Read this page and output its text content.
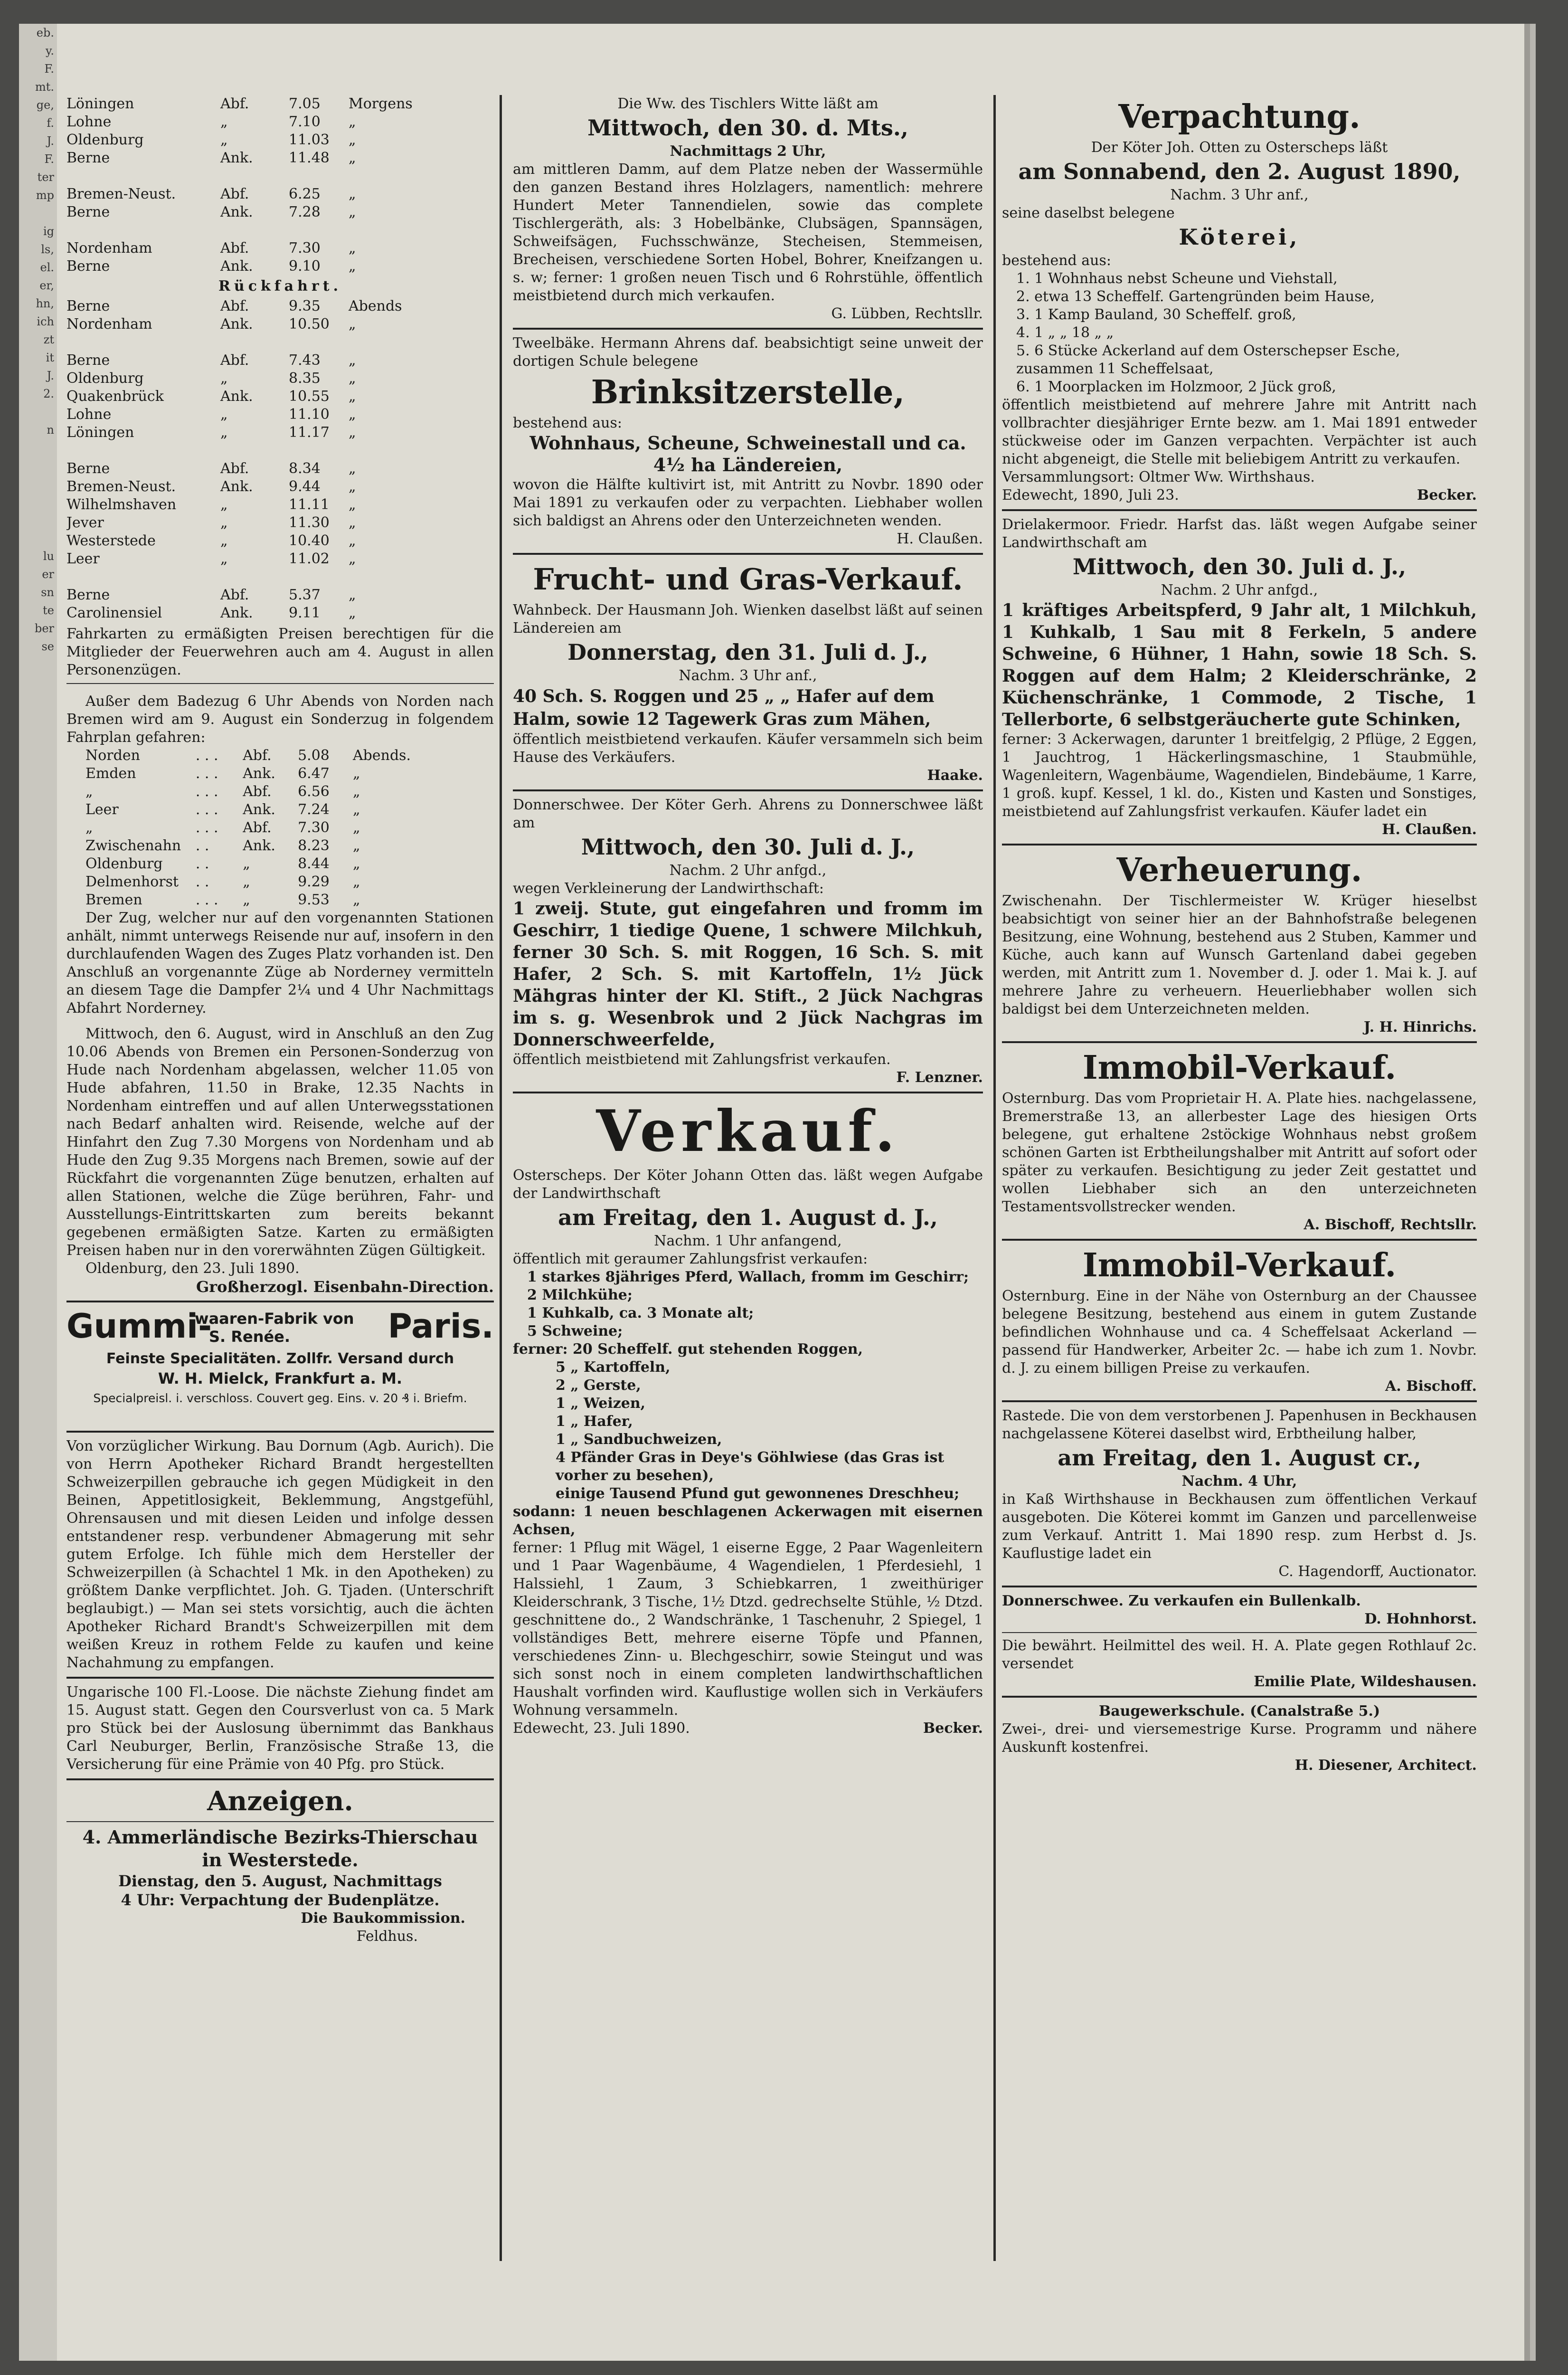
eb.
y.
F.
mt.
ge,
f.
J.
F.
ter
mp

ig
ls,
el.
er,
hn,
ich
zt
it
J.
2.

n

lu
er
sn
te
ber
se
Löningen	Abf.	7.05	Morgens
Lohne	„	7.10	„
Oldenburg	„	11.03	„
Berne	Ank.	11.48	„

Bremen-Neust.	Abf.	6.25	„
Berne	Ank.	7.28	„

Nordenham	Abf.	7.30	„
Berne	Ank.	9.10	„

Rückfahrt.

Berne	Abf.	9.35	Abends
Nordenham	Ank.	10.50	„

Berne	Abf.	7.43	„
Oldenburg	„	8.35	„
Quakenbrück	Ank.	10.55	„
Lohne	„	11.10	„
Löningen	„	11.17	„

Berne	Abf.	8.34	„
Bremen-Neust.	Ank.	9.44	„
Wilhelmshaven	„	11.11	„
Jever	„	11.30	„
Westerstede	„	10.40	„
Leer	„	11.02	„

Berne	Abf.	5.37	„
Carolinensiel	Ank.	9.11	„

Fahrkarten zu ermäßigten Preisen berechtigen für die Mitglieder der Feuerwehren auch am 4. August in allen Personenzügen.

Außer dem Badezug 6 Uhr Abends von Norden nach Bremen wird am 9. August ein Sonderzug in folgendem Fahrplan gefahren:

Norden	. . .	Abf.	5.08	Abends.
Emden	. . .	Ank.	6.47	„
„	. . .	Abf.	6.56	„
Leer	. . .	Ank.	7.24	„
„	. . .	Abf.	7.30	„
Zwischenahn	. .	Ank.	8.23	„
Oldenburg	. .	„	8.44	„
Delmenhorst	. .	„	9.29	„
Bremen	. . .	„	9.53	„

Der Zug, welcher nur auf den vorgenannten Stationen anhält, nimmt unterwegs Reisende nur auf, insofern in den durchlaufenden Wagen des Zuges Platz vorhanden ist. Den Anschluß an vorgenannte Züge ab Norderney vermitteln an diesem Tage die Dampfer 2¼ und 4 Uhr Nachmittags Abfahrt Norderney.

Mittwoch, den 6. August, wird in Anschluß an den Zug 10.06 Abends von Bremen ein Personen-Sonderzug von Hude nach Nordenham abgelassen, welcher 11.05 von Hude abfahren, 11.50 in Brake, 12.35 Nachts in Nordenham eintreffen und auf allen Unterwegsstationen nach Bedarf anhalten wird. Reisende, welche auf der Hinfahrt den Zug 7.30 Morgens von Nordenham und ab Hude den Zug 9.35 Morgens nach Bremen, sowie auf der Rückfahrt die vorgenannten Züge benutzen, erhalten auf allen Stationen, welche die Züge berühren, Fahr- und Ausstellungs-Eintrittskarten zum bereits bekannt gegebenen ermäßigten Satze. Karten zu ermäßigten Preisen haben nur in den vorerwähnten Zügen Gültigkeit.

Oldenburg, den 23. Juli 1890.

Großherzogl. Eisenbahn-Direction.

Gummi-
waaren-Fabrik von
S. Renée.	Paris.
Feinste Specialitäten. Zollfr. Versand durch
W. H. Mielck, Frankfurt a. M.
Specialpreisl. i. verschloss. Couvert geg. Eins. v. 20 ₰ i. Briefm.

Von vorzüglicher Wirkung. Bau Dornum (Agb. Aurich). Die von Herrn Apotheker Richard Brandt hergestellten Schweizerpillen gebrauche ich gegen Müdigkeit in den Beinen, Appetitlosigkeit, Beklemmung, Angstgefühl, Ohrensausen und mit diesen Leiden und infolge dessen entstandener resp. verbundener Abmagerung mit sehr gutem Erfolge. Ich fühle mich dem Hersteller der Schweizerpillen (à Schachtel 1 Mk. in den Apotheken) zu größtem Danke verpflichtet. Joh. G. Tjaden. (Unterschrift beglaubigt.) — Man sei stets vorsichtig, auch die ächten Apotheker Richard Brandt's Schweizerpillen mit dem weißen Kreuz in rothem Felde zu kaufen und keine Nachahmung zu empfangen.

Ungarische 100 Fl.-Loose. Die nächste Ziehung findet am 15. August statt. Gegen den Coursverlust von ca. 5 Mark pro Stück bei der Auslosung übernimmt das Bankhaus Carl Neuburger, Berlin, Französische Straße 13, die Versicherung für eine Prämie von 40 Pfg. pro Stück.

Anzeigen.

4. Ammerländische Bezirks-Thierschau

in Westerstede.

Dienstag, den 5. August, Nachmittags

4 Uhr: Verpachtung der Budenplätze.

Die Baukommission.

Feldhus.

Die Ww. des Tischlers Witte läßt am

Mittwoch, den 30. d. Mts.,

Nachmittags 2 Uhr,

am mittleren Damm, auf dem Platze neben der Wassermühle den ganzen Bestand ihres Holzlagers, namentlich: mehrere Hundert Meter Tannendielen, sowie das complete Tischlergeräth, als: 3 Hobelbänke, Clubsägen, Spannsägen, Schweifsägen, Fuchsschwänze, Stecheisen, Stemmeisen, Brecheisen, verschiedene Sorten Hobel, Bohrer, Kneifzangen u. s. w; ferner: 1 großen neuen Tisch und 6 Rohrstühle, öffentlich meistbietend durch mich verkaufen.

G. Lübben, Rechtsllr.

Tweelbäke. Hermann Ahrens daf. beabsichtigt seine unweit der dortigen Schule belegene

Brinksitzerstelle,

bestehend aus:

Wohnhaus, Scheune, Schweinestall und ca. 4½ ha Ländereien,

wovon die Hälfte kultivirt ist, mit Antritt zu Novbr. 1890 oder Mai 1891 zu verkaufen oder zu verpachten. Liebhaber wollen sich baldigst an Ahrens oder den Unterzeichneten wenden.

H. Claußen.

Frucht- und Gras-Verkauf.

Wahnbeck. Der Hausmann Joh. Wienken daselbst läßt auf seinen Ländereien am

Donnerstag, den 31. Juli d. J.,

Nachm. 3 Uhr anf.,

40 Sch. S. Roggen und 25 „ „ Hafer auf dem Halm, sowie 12 Tagewerk Gras zum Mähen,

öffentlich meistbietend verkaufen. Käufer versammeln sich beim Hause des Verkäufers.

Haake.

Donnerschwee. Der Köter Gerh. Ahrens zu Donnerschwee läßt am

Mittwoch, den 30. Juli d. J.,

Nachm. 2 Uhr anfgd.,

wegen Verkleinerung der Landwirthschaft:

1 zweij. Stute, gut eingefahren und fromm im Geschirr, 1 tiedige Quene, 1 schwere Milchkuh, ferner 30 Sch. S. mit Roggen, 16 Sch. S. mit Hafer, 2 Sch. S. mit Kartoffeln, 1½ Jück Mähgras hinter der Kl. Stift., 2 Jück Nachgras im s. g. Wesenbrok und 2 Jück Nachgras im Donnerschweerfelde,

öffentlich meistbietend mit Zahlungsfrist verkaufen.

F. Lenzner.

Verkauf.

Osterscheps. Der Köter Johann Otten das. läßt wegen Aufgabe der Landwirthschaft

am Freitag, den 1. August d. J.,

Nachm. 1 Uhr anfangend,

öffentlich mit geraumer Zahlungsfrist verkaufen:

1 starkes 8jähriges Pferd, Wallach, fromm im Geschirr;
2 Milchkühe;
1 Kuhkalb, ca. 3 Monate alt;
5 Schweine;

ferner: 20 Scheffelf. gut stehenden Roggen,

5 „ Kartoffeln,
2 „ Gerste,
1 „ Weizen,
1 „ Hafer,
1 „ Sandbuchweizen,
4 Pfänder Gras in Deye's Göhlwiese (das Gras ist vorher zu besehen),
einige Tausend Pfund gut gewonnenes Dreschheu;

sodann: 1 neuen beschlagenen Ackerwagen mit eisernen Achsen,

ferner: 1 Pflug mit Wägel, 1 eiserne Egge, 2 Paar Wagenleitern und 1 Paar Wagenbäume, 4 Wagendielen, 1 Pferdesiehl, 1 Halssiehl, 1 Zaum, 3 Schiebkarren, 1 zweithüriger Kleiderschrank, 3 Tische, 1½ Dtzd. gedrechselte Stühle, ½ Dtzd. geschnittene do., 2 Wandschränke, 1 Taschenuhr, 2 Spiegel, 1 vollständiges Bett, mehrere eiserne Töpfe und Pfannen, verschiedenes Zinn- u. Blechgeschirr, sowie Steingut und was sich sonst noch in einem completen landwirthschaftlichen Haushalt vorfinden wird. Kauflustige wollen sich in Verkäufers Wohnung versammeln.

Edewecht, 23. Juli 1890.	Becker.

Verpachtung.

Der Köter Joh. Otten zu Osterscheps läßt

am Sonnabend, den 2. August 1890,

Nachm. 3 Uhr anf.,

seine daselbst belegene

Köterei,

bestehend aus:

1. 1 Wohnhaus nebst Scheune und Viehstall,
2. etwa 13 Scheffelf. Gartengründen beim Hause,
3. 1 Kamp Bauland, 30 Scheffelf. groß,
4. 1 „ „ 18 „ „
5. 6 Stücke Ackerland auf dem Osterschepser Esche, zusammen 11 Scheffelsaat,
6. 1 Moorplacken im Holzmoor, 2 Jück groß,

öffentlich meistbietend auf mehrere Jahre mit Antritt nach vollbrachter diesjähriger Ernte bezw. am 1. Mai 1891 entweder stückweise oder im Ganzen verpachten. Verpächter ist auch nicht abgeneigt, die Stelle mit beliebigem Antritt zu verkaufen.

Versammlungsort: Oltmer Ww. Wirthshaus.

Edewecht, 1890, Juli 23.	Becker.

Drielakermoor. Friedr. Harfst das. läßt wegen Aufgabe seiner Landwirthschaft am

Mittwoch, den 30. Juli d. J.,

Nachm. 2 Uhr anfgd.,

1 kräftiges Arbeitspferd, 9 Jahr alt, 1 Milchkuh, 1 Kuhkalb, 1 Sau mit 8 Ferkeln, 5 andere Schweine, 6 Hühner, 1 Hahn, sowie 18 Sch. S. Roggen auf dem Halm; 2 Kleiderschränke, 2 Küchenschränke, 1 Commode, 2 Tische, 1 Tellerborte, 6 selbstgeräucherte gute Schinken,

ferner: 3 Ackerwagen, darunter 1 breitfelgig, 2 Pflüge, 2 Eggen, 1 Jauchtrog, 1 Häckerlingsmaschine, 1 Staubmühle, Wagenleitern, Wagenbäume, Wagendielen, Bindebäume, 1 Karre, 1 groß. kupf. Kessel, 1 kl. do., Kisten und Kasten und Sonstiges, meistbietend auf Zahlungsfrist verkaufen. Käufer ladet ein

H. Claußen.

Verheuerung.

Zwischenahn. Der Tischlermeister W. Krüger hieselbst beabsichtigt von seiner hier an der Bahnhofstraße belegenen Besitzung, eine Wohnung, bestehend aus 2 Stuben, Kammer und Küche, auch kann auf Wunsch Gartenland dabei gegeben werden, mit Antritt zum 1. November d. J. oder 1. Mai k. J. auf mehrere Jahre zu verheuern. Heuerliebhaber wollen sich baldigst bei dem Unterzeichneten melden.

J. H. Hinrichs.

Immobil-Verkauf.

Osternburg. Das vom Proprietair H. A. Plate hies. nachgelassene, Bremerstraße 13, an allerbester Lage des hiesigen Orts belegene, gut erhaltene 2stöckige Wohnhaus nebst großem schönen Garten ist Erbtheilungshalber mit Antritt auf sofort oder später zu verkaufen. Besichtigung zu jeder Zeit gestattet und wollen Liebhaber sich an den unterzeichneten Testamentsvollstrecker wenden.

A. Bischoff, Rechtsllr.

Immobil-Verkauf.

Osternburg. Eine in der Nähe von Osternburg an der Chaussee belegene Besitzung, bestehend aus einem in gutem Zustande befindlichen Wohnhause und ca. 4 Scheffelsaat Ackerland — passend für Handwerker, Arbeiter 2c. — habe ich zum 1. Novbr. d. J. zu einem billigen Preise zu verkaufen.

A. Bischoff.

Rastede. Die von dem verstorbenen J. Papenhusen in Beckhausen nachgelassene Köterei daselbst wird, Erbtheilung halber,

am Freitag, den 1. August cr.,

Nachm. 4 Uhr,

in Kaß Wirthshause in Beckhausen zum öffentlichen Verkauf ausgeboten. Die Köterei kommt im Ganzen und parcellenweise zum Verkauf. Antritt 1. Mai 1890 resp. zum Herbst d. Js. Kauflustige ladet ein

C. Hagendorff, Auctionator.

Donnerschwee. Zu verkaufen ein Bullenkalb.

D. Hohnhorst.

Die bewährt. Heilmittel des weil. H. A. Plate gegen Rothlauf 2c. versendet

Emilie Plate, Wildeshausen.

Baugewerkschule. (Canalstraße 5.)

Zwei-, drei- und viersemestrige Kurse. Programm und nähere Auskunft kostenfrei.

H. Diesener, Architect.
